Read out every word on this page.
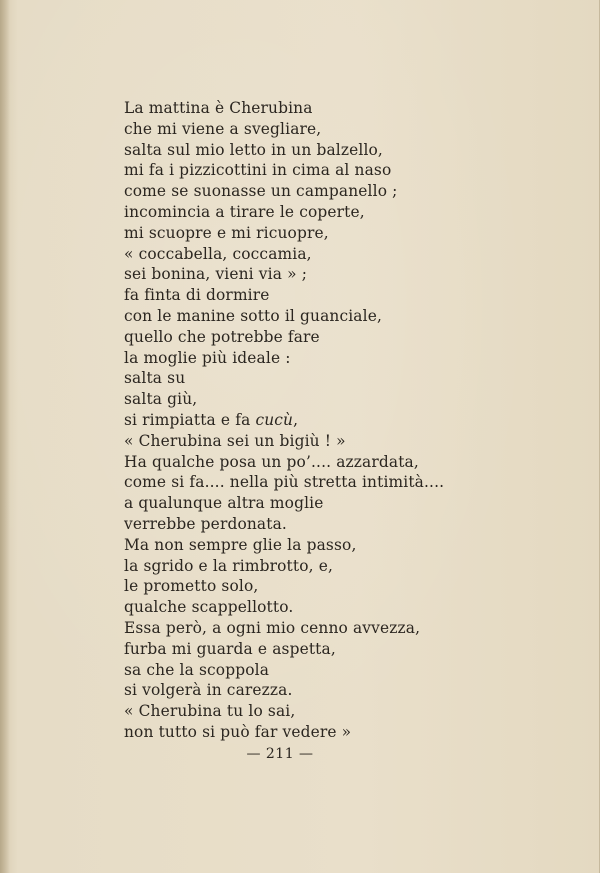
La mattina è Cherubina
che mi viene a svegliare,
salta sul mio letto in un balzello,
mi fa i pizzicottini in cima al naso
come se suonasse un campanello ;
incomincia a tirare le coperte,
mi scuopre e mi ricuopre,
« coccabella, coccamia,
sei bonina, vieni via » ;
fa finta di dormire
con le manine sotto il guanciale,
quello che potrebbe fare
la moglie più ideale :
salta su
salta giù,
si rimpiatta e fa cucù,
« Cherubina sei un bigiù ! »
Ha qualche posa un po’.... azzardata,
come si fa.... nella più stretta intimità....
a qualunque altra moglie
verrebbe perdonata.
Ma non sempre glie la passo,
la sgrido e la rimbrotto, e,
le prometto solo,
qualche scappellotto.
Essa però, a ogni mio cenno avvezza,
furba mi guarda e aspetta,
sa che la scoppola
si volgerà in carezza.
« Cherubina tu lo sai,
non tutto si può far vedere »
— 211 —
